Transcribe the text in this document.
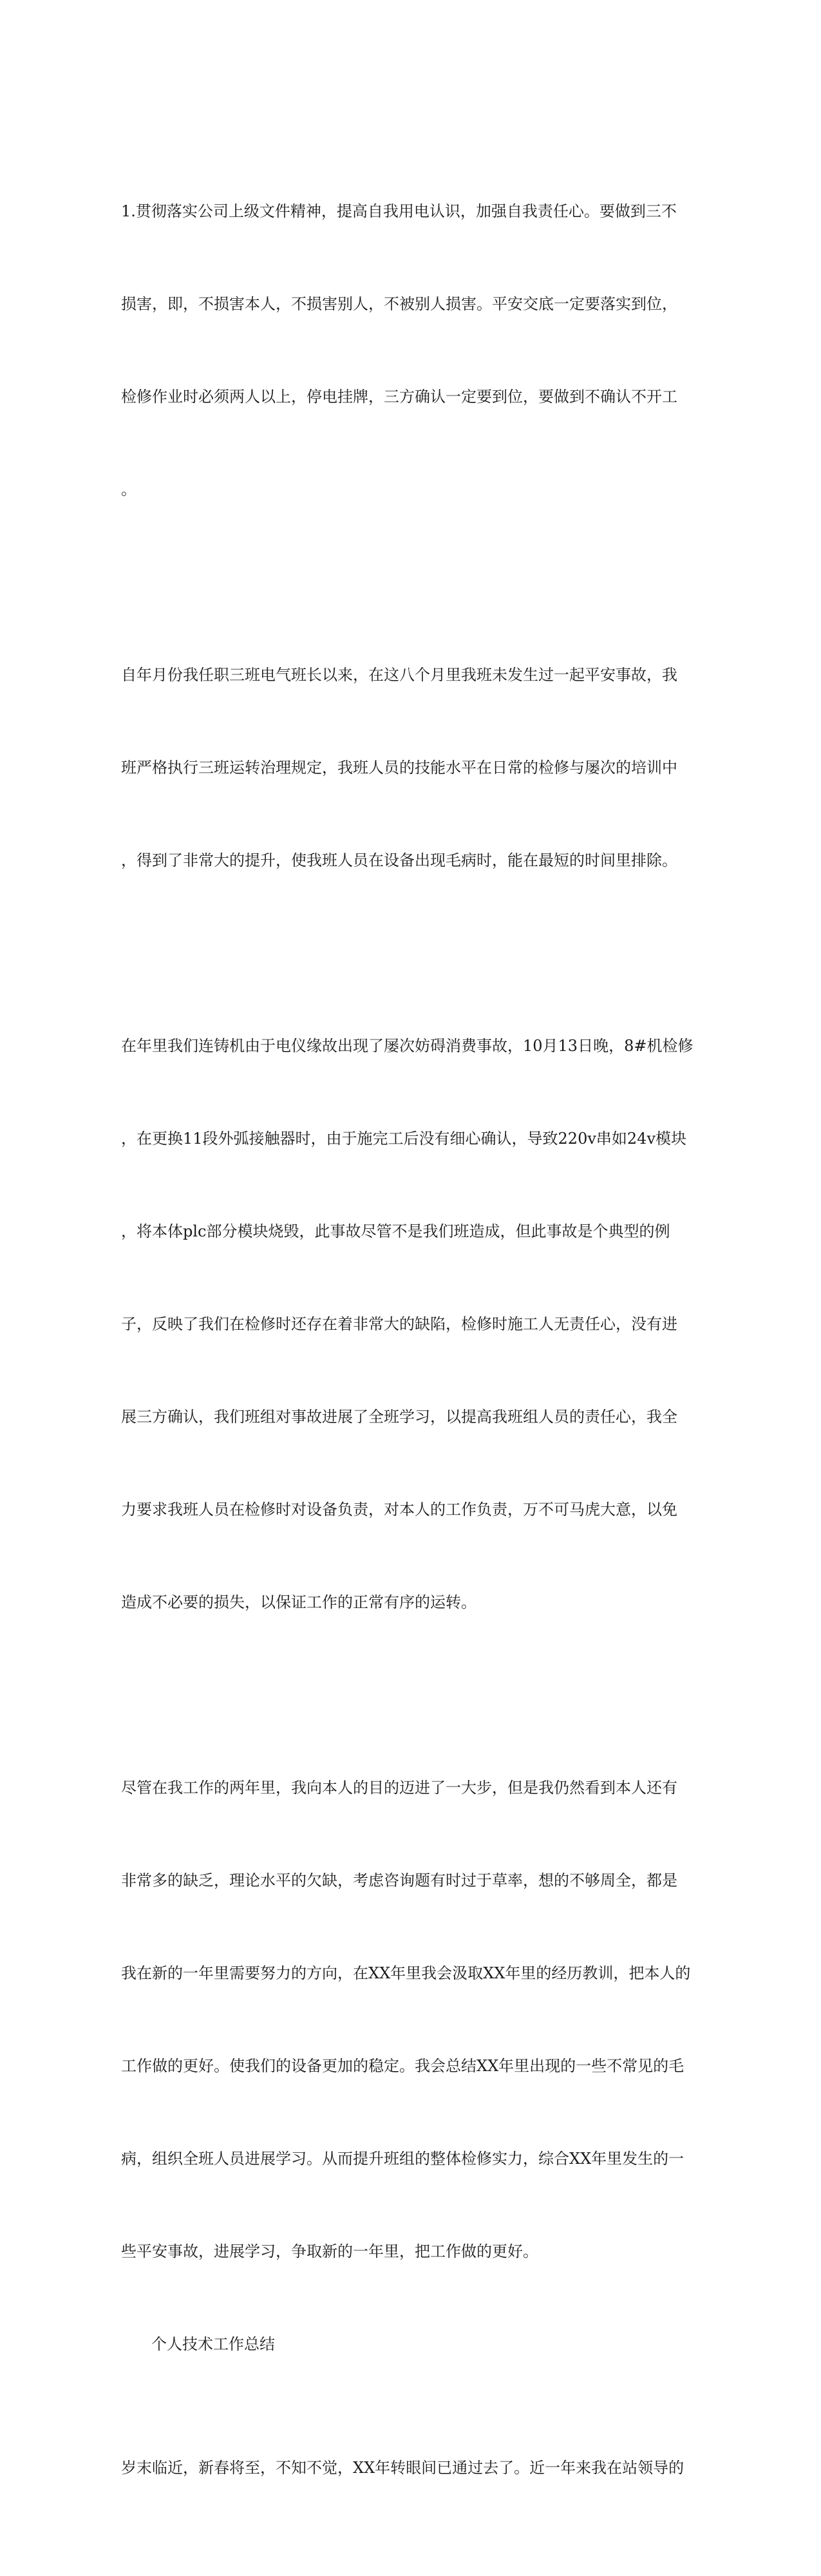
1.贯彻落实公司上级文件精神，提高自我用电认识，加强自我责任心。要做到三不

损害，即，不损害本人，不损害别人，不被别人损害。平安交底一定要落实到位，

检修作业时必须两人以上，停电挂牌，三方确认一定要到位，要做到不确认不开工

。

自年月份我任职三班电气班长以来，在这八个月里我班未发生过一起平安事故，我

班严格执行三班运转治理规定，我班人员的技能水平在日常的检修与屡次的培训中

，得到了非常大的提升，使我班人员在设备出现毛病时，能在最短的时间里排除。

在年里我们连铸机由于电仪缘故出现了屡次妨碍消费事故，10月13日晚，8#机检修

，在更换11段外弧接触器时，由于施完工后没有细心确认，导致220v串如24v模块

，将本体plc部分模块烧毁，此事故尽管不是我们班造成，但此事故是个典型的例

子，反映了我们在检修时还存在着非常大的缺陷，检修时施工人无责任心，没有进

展三方确认，我们班组对事故进展了全班学习，以提高我班组人员的责任心，我全

力要求我班人员在检修时对设备负责，对本人的工作负责，万不可马虎大意，以免

造成不必要的损失，以保证工作的正常有序的运转。

尽管在我工作的两年里，我向本人的目的迈进了一大步，但是我仍然看到本人还有

非常多的缺乏，理论水平的欠缺，考虑咨询题有时过于草率，想的不够周全，都是

我在新的一年里需要努力的方向，在XX年里我会汲取XX年里的经历教训，把本人的

工作做的更好。使我们的设备更加的稳定。我会总结XX年里出现的一些不常见的毛

病，组织全班人员进展学习。从而提升班组的整体检修实力，综合XX年里发生的一

些平安事故，进展学习，争取新的一年里，把工作做的更好。

个人技术工作总结

岁末临近，新春将至，不知不觉，XX年转眼间已通过去了。近一年来我在站领导的
